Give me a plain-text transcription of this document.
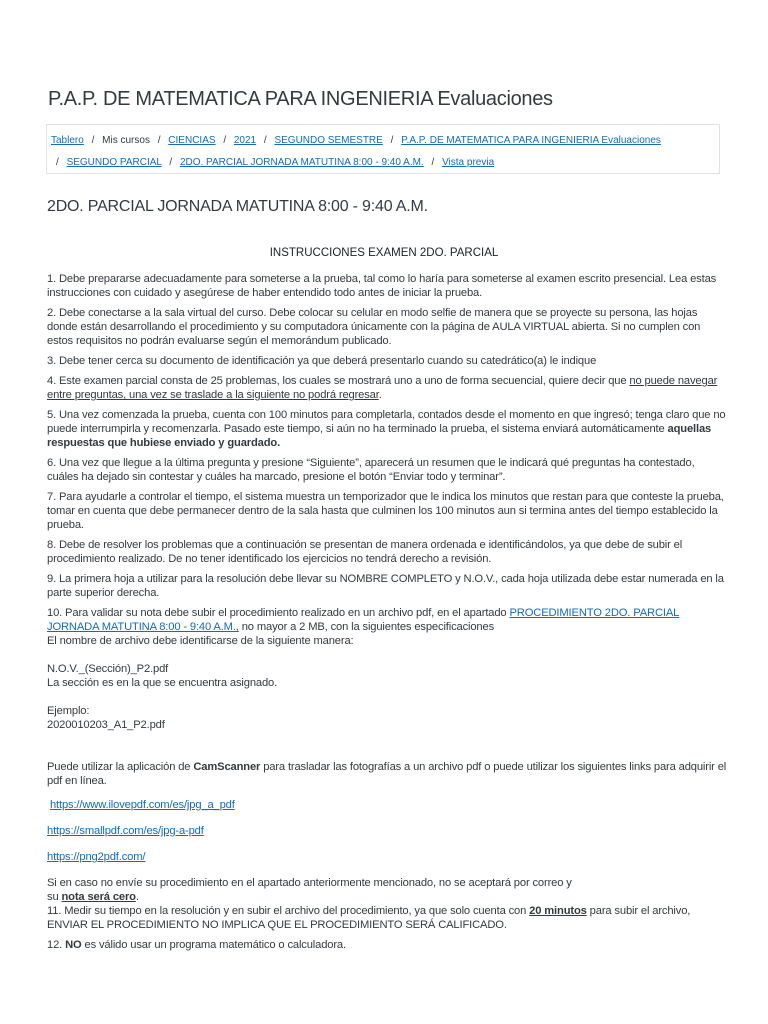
P.A.P. DE MATEMATICA PARA INGENIERIA Evaluaciones
Tablero / Mis cursos / CIENCIAS / 2021 / SEGUNDO SEMESTRE / P.A.P. DE MATEMATICA PARA INGENIERIA Evaluaciones
/ SEGUNDO PARCIAL / 2DO. PARCIAL JORNADA MATUTINA 8:00 - 9:40 A.M. / Vista previa
2DO. PARCIAL JORNADA MATUTINA 8:00 - 9:40 A.M.
INSTRUCCIONES EXAMEN 2DO. PARCIAL

1. Debe prepararse adecuadamente para someterse a la prueba, tal como lo haría para someterse al examen escrito presencial. Lea estas instrucciones con cuidado y asegúrese de haber entendido todo antes de iniciar la prueba.

2. Debe conectarse a la sala virtual del curso. Debe colocar su celular en modo selfie de manera que se proyecte su persona, las hojas donde están desarrollando el procedimiento y su computadora únicamente con la página de AULA VIRTUAL abierta. Si no cumplen con estos requisitos no podrán evaluarse según el memorándum publicado.

3. Debe tener cerca su documento de identificación ya que deberá presentarlo cuando su catedrático(a) le indique

4. Este examen parcial consta de 25 problemas, los cuales se mostrará uno a uno de forma secuencial, quiere decir que no puede navegar entre preguntas, una vez se traslade a la siguiente no podrá regresar.

5. Una vez comenzada la prueba, cuenta con 100 minutos para completarla, contados desde el momento en que ingresó; tenga claro que no puede interrumpirla y recomenzarla. Pasado este tiempo, si aún no ha terminado la prueba, el sistema enviará automáticamente aquellas respuestas que hubiese enviado y guardado.

6. Una vez que llegue a la última pregunta y presione “Siguiente”, aparecerá un resumen que le indicará qué preguntas ha contestado, cuáles ha dejado sin contestar y cuáles ha marcado, presione el botón “Enviar todo y terminar”.

7. Para ayudarle a controlar el tiempo, el sistema muestra un temporizador que le indica los minutos que restan para que conteste la prueba, tomar en cuenta que debe permanecer dentro de la sala hasta que culminen los 100 minutos aun si termina antes del tiempo establecido la prueba.

8. Debe de resolver los problemas que a continuación se presentan de manera ordenada e identificándolos, ya que debe de subir el procedimiento realizado. De no tener identificado los ejercicios no tendrá derecho a revisión.

9. La primera hoja a utilizar para la resolución debe llevar su NOMBRE COMPLETO y N.O.V., cada hoja utilizada debe estar numerada en la parte superior derecha.

10. Para validar su nota debe subir el procedimiento realizado en un archivo pdf, en el apartado PROCEDIMIENTO 2DO. PARCIAL JORNADA MATUTINA 8:00 - 9:40 A.M., no mayor a 2 MB, con la siguientes especificaciones
El nombre de archivo debe identificarse de la siguiente manera:

N.O.V._(Sección)_P2.pdf
La sección es en la que se encuentra asignado.

Ejemplo:
2020010203_A1_P2.pdf

Puede utilizar la aplicación de CamScanner para trasladar las fotografías a un archivo pdf o puede utilizar los siguientes links para adquirir el pdf en línea.

https://www.ilovepdf.com/es/jpg_a_pdf

https://smallpdf.com/es/jpg-a-pdf

https://png2pdf.com/

Si en caso no envíe su procedimiento en el apartado anteriormente mencionado, no se aceptará por correo y
su nota será cero.

11. Medir su tiempo en la resolución y en subir el archivo del procedimiento, ya que solo cuenta con 20 minutos para subir el archivo, ENVIAR EL PROCEDIMIENTO NO IMPLICA QUE EL PROCEDIMIENTO SERÁ CALIFICADO.

12. NO es válido usar un programa matemático o calculadora.
